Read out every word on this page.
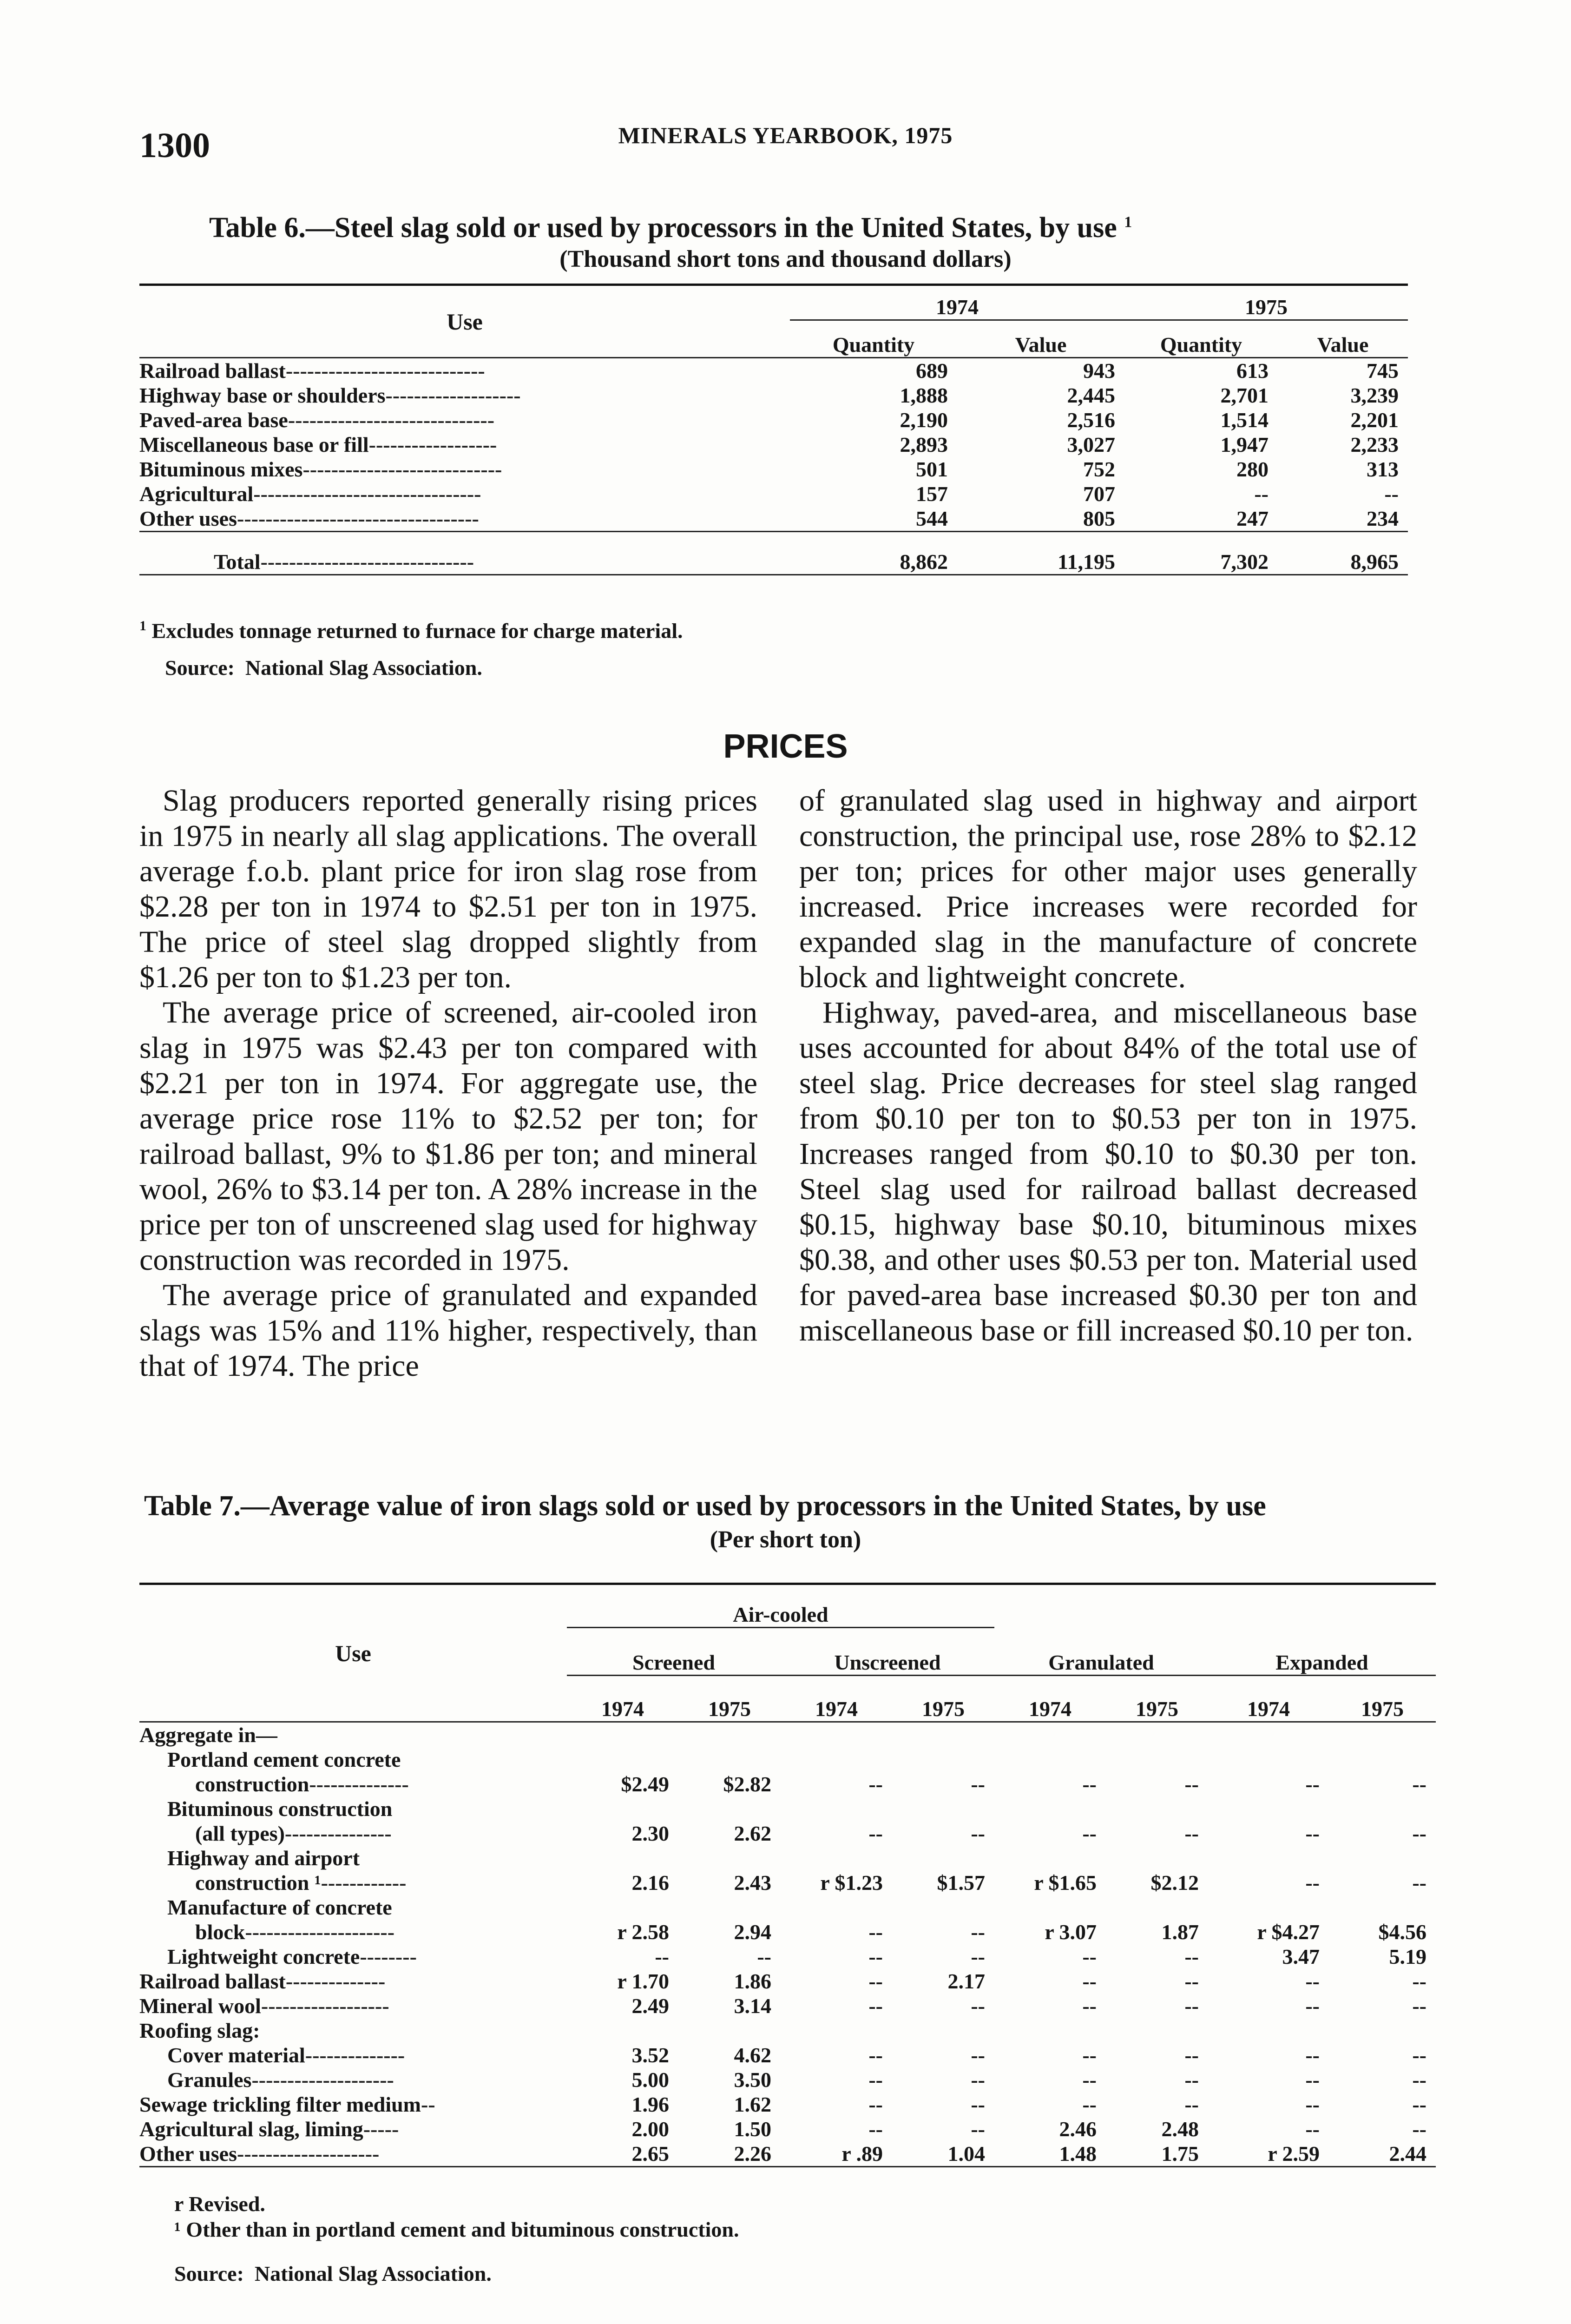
1300	MINERALS YEARBOOK, 1975
Table 6.—Steel slag sold or used by processors in the United States, by use $^1$
(Thousand short tons and thousand dollars)
Use	1974		1975	
	Quantity	Value	Quantity	Value
Railroad ballast----------------------------	689	943	613	745
Highway base or shoulders-------------------	1,888	2,445	2,701	3,239
Paved-area base-----------------------------	2,190	2,516	1,514	2,201
Miscellaneous base or fill------------------	2,893	3,027	1,947	2,233
Bituminous mixes----------------------------	501	752	280	313
Agricultural--------------------------------	157	707	--	--
Other uses----------------------------------	544	805	247	234
Total------------------------------	8,862	11,195	7,302	8,965

$^1$ Excludes tonnage returned to furnace for charge material.
Source: National Slag Association.
PRICES

Slag producers reported generally rising prices in 1975 in nearly all slag applications. The overall average f.o.b. plant price for iron slag rose from $2.28 per ton in 1974 to $2.51 per ton in 1975. The price of steel slag dropped slightly from $1.26 per ton to $1.23 per ton.

The average price of screened, air-cooled iron slag in 1975 was $2.43 per ton compared with $2.21 per ton in 1974. For aggregate use, the average price rose 11% to $2.52 per ton; for railroad ballast, 9% to $1.86 per ton; and mineral wool, 26% to $3.14 per ton. A 28% increase in the price per ton of unscreened slag used for highway construction was recorded in 1975.

The average price of granulated and expanded slags was 15% and 11% higher, respectively, than that of 1974. The price

of granulated slag used in highway and airport construction, the principal use, rose 28% to $2.12 per ton; prices for other major uses generally increased. Price increases were recorded for expanded slag in the manufacture of concrete block and lightweight concrete.

Highway, paved-area, and miscellaneous base uses accounted for about 84% of the total use of steel slag. Price decreases for steel slag ranged from $0.10 per ton to $0.53 per ton in 1975. Increases ranged from $0.10 to $0.30 per ton. Steel slag used for railroad ballast decreased $0.15, highway base $0.10, bituminous mixes $0.38, and other uses $0.53 per ton. Material used for paved-area base increased $0.30 per ton and miscellaneous base or fill increased $0.10 per ton.

Table 7.—Average value of iron slags sold or used by processors in the United States, by use
(Per short ton)
Use	Air-cooled							
	Screened		Unscreened		Granulated		Expanded	
	1974	1975	1974	1975	1974	1975	1974	1975
Aggregate in—								
Portland cement concrete								
construction--------------	$2.49	$2.82	--	--	--	--	--	--
Bituminous construction								
(all types)---------------	2.30	2.62	--	--	--	--	--	--
Highway and airport								
construction ¹------------	2.16	2.43	r $1.23	$1.57	r $1.65	$2.12	--	--
Manufacture of concrete								
block---------------------	r 2.58	2.94	--	--	r 3.07	1.87	r $4.27	$4.56
Lightweight concrete--------	--	--	--	--	--	--	3.47	5.19
Railroad ballast--------------	r 1.70	1.86	--	2.17	--	--	--	--
Mineral wool------------------	2.49	3.14	--	--	--	--	--	--
Roofing slag:								
Cover material--------------	3.52	4.62	--	--	--	--	--	--
Granules--------------------	5.00	3.50	--	--	--	--	--	--
Sewage trickling filter medium--	1.96	1.62	--	--	--	--	--	--
Agricultural slag, liming-----	2.00	1.50	--	--	2.46	2.48	--	--
Other uses--------------------	2.65	2.26	r .89	1.04	1.48	1.75	r 2.59	2.44

r Revised.
¹ Other than in portland cement and bituminous construction.
Source: National Slag Association.
